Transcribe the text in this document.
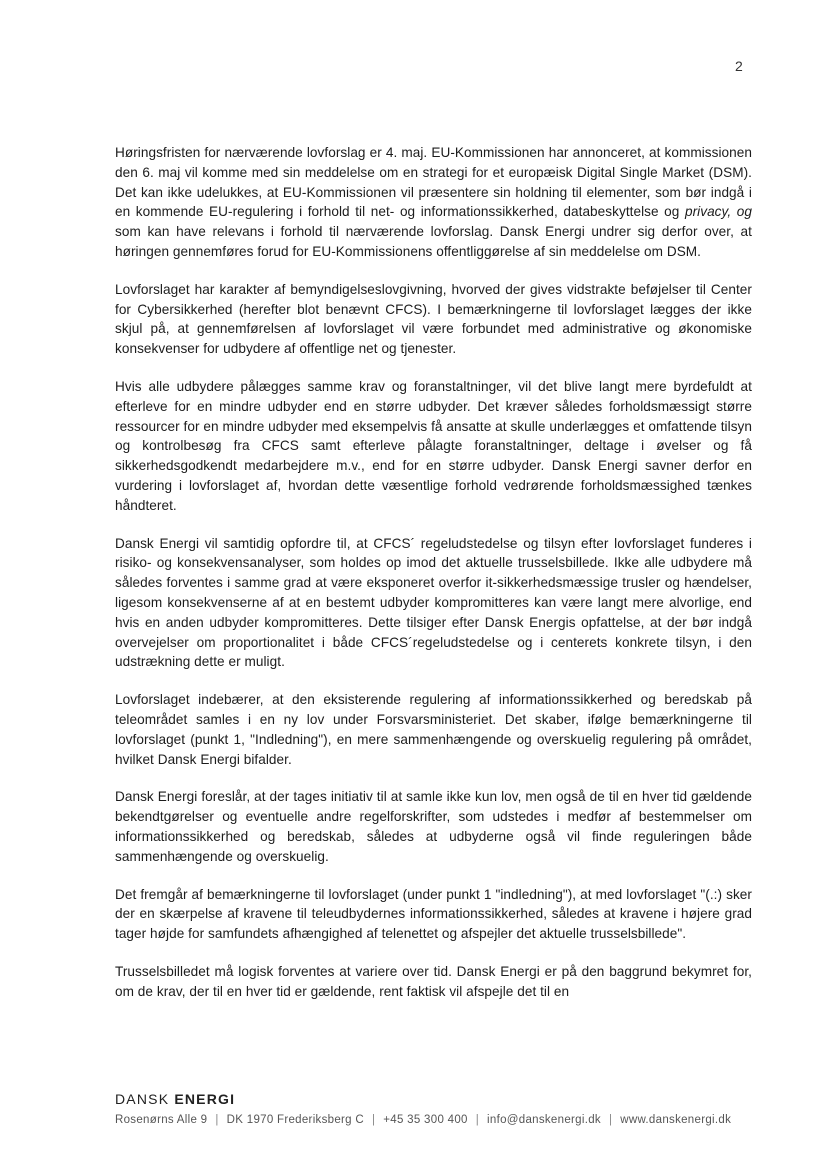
2

Høringsfristen for nærværende lovforslag er 4. maj. EU-Kommissionen har annonceret, at kommissionen den 6. maj vil komme med sin meddelelse om en strategi for et europæisk Digital Single Market (DSM). Det kan ikke udelukkes, at EU-Kommissionen vil præsentere sin holdning til elementer, som bør indgå i en kommende EU-regulering i forhold til net- og informationssikkerhed, databeskyttelse og privacy, og som kan have relevans i forhold til nærværende lovforslag. Dansk Energi undrer sig derfor over, at høringen gennemføres forud for EU-Kommissionens offentliggørelse af sin meddelelse om DSM.

Lovforslaget har karakter af bemyndigelseslovgivning, hvorved der gives vidstrakte beføjelser til Center for Cybersikkerhed (herefter blot benævnt CFCS). I bemærkningerne til lovforslaget lægges der ikke skjul på, at gennemførelsen af lovforslaget vil være forbundet med administrative og økonomiske konsekvenser for udbydere af offentlige net og tjenester.

Hvis alle udbydere pålægges samme krav og foranstaltninger, vil det blive langt mere byrdefuldt at efterleve for en mindre udbyder end en større udbyder. Det kræver således forholdsmæssigt større ressourcer for en mindre udbyder med eksempelvis få ansatte at skulle underlægges et omfattende tilsyn og kontrolbesøg fra CFCS samt efterleve pålagte foranstaltninger, deltage i øvelser og få sikkerhedsgodkendt medarbejdere m.v., end for en større udbyder. Dansk Energi savner derfor en vurdering i lovforslaget af, hvordan dette væsentlige forhold vedrørende forholdsmæssighed tænkes håndteret.

Dansk Energi vil samtidig opfordre til, at CFCS´ regeludstedelse og tilsyn efter lovforslaget funderes i risiko- og konsekvensanalyser, som holdes op imod det aktuelle trusselsbillede. Ikke alle udbydere må således forventes i samme grad at være eksponeret overfor it-sikkerhedsmæssige trusler og hændelser, ligesom konsekvenserne af at en bestemt udbyder kompromitteres kan være langt mere alvorlige, end hvis en anden udbyder kompromitteres. Dette tilsiger efter Dansk Energis opfattelse, at der bør indgå overvejelser om proportionalitet i både CFCS´regeludstedelse og i centerets konkrete tilsyn, i den udstrækning dette er muligt.

Lovforslaget indebærer, at den eksisterende regulering af informationssikkerhed og beredskab på teleområdet samles i en ny lov under Forsvarsministeriet. Det skaber, ifølge bemærkningerne til lovforslaget (punkt 1, "Indledning"), en mere sammenhængende og overskuelig regulering på området, hvilket Dansk Energi bifalder.

Dansk Energi foreslår, at der tages initiativ til at samle ikke kun lov, men også de til en hver tid gældende bekendtgørelser og eventuelle andre regelforskrifter, som udstedes i medfør af bestemmelser om informationssikkerhed og beredskab, således at udbyderne også vil finde reguleringen både sammenhængende og overskuelig.

Det fremgår af bemærkningerne til lovforslaget (under punkt 1 "indledning"), at med lovforslaget "(.:) sker der en skærpelse af kravene til teleudbydernes informationssikkerhed, således at kravene i højere grad tager højde for samfundets afhængighed af telenettet og afspejler det aktuelle trusselsbillede".

Trusselsbilledet må logisk forventes at variere over tid. Dansk Energi er på den baggrund bekymret for, om de krav, der til en hver tid er gældende, rent faktisk vil afspejle det til en

DANSK ENERGI
Rosenørns Alle 9 | DK 1970 Frederiksberg C | +45 35 300 400 | info@danskenergi.dk | www.danskenergi.dk
